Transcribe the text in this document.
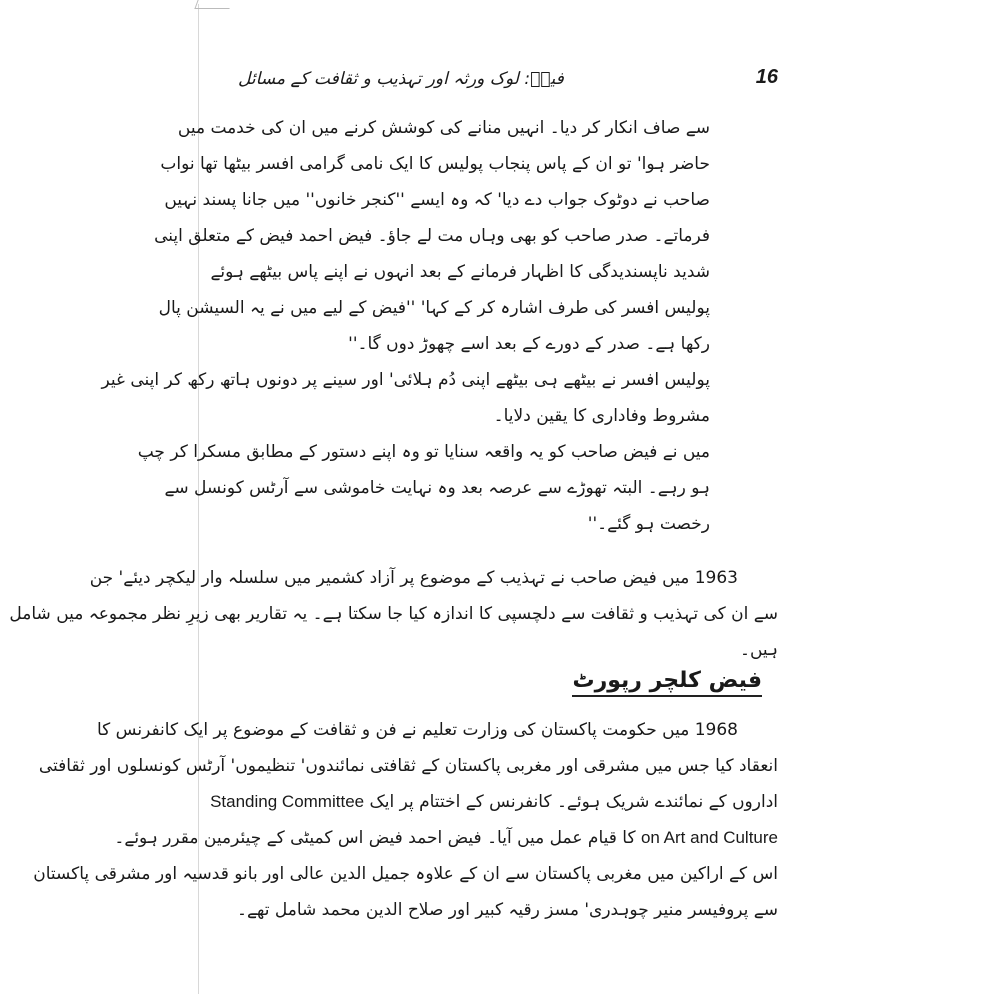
فیضؔ: لوک ورثہ اور تہذیب و ثقافت کے مسائل	16
سے صاف انکار کر دیا۔ انہیں منانے کی کوشش کرنے میں ان کی خدمت میں
حاضر ہوا' تو ان کے پاس پنجاب پولیس کا ایک نامی گرامی افسر بیٹھا تھا نواب
صاحب نے دوٹوک جواب دے دیا' کہ وہ ایسے ''کنجر خانوں'' میں جانا پسند نہیں
فرماتے۔ صدر صاحب کو بھی وہاں مت لے جاؤ۔ فیض احمد فیض کے متعلق اپنی
شدید ناپسندیدگی کا اظہار فرمانے کے بعد انہوں نے اپنے پاس بیٹھے ہوئے
پولیس افسر کی طرف اشارہ کر کے کہا' ''فیض کے لیے میں نے یہ السیشن پال
رکھا ہے۔ صدر کے دورے کے بعد اسے چھوڑ دوں گا۔''
پولیس افسر نے بیٹھے ہی بیٹھے اپنی دُم ہلائی' اور سینے پر دونوں ہاتھ رکھ کر اپنی غیر
مشروط وفاداری کا یقین دلایا۔
میں نے فیض صاحب کو یہ واقعہ سنایا تو وہ اپنے دستور کے مطابق مسکرا کر چپ
ہو رہے۔ البتہ تھوڑے سے عرصہ بعد وہ نہایت خاموشی سے آرٹس کونسل سے
رخصت ہو گئے۔''
1963 میں فیض صاحب نے تہذیب کے موضوع پر آزاد کشمیر میں سلسلہ وار لیکچر دیئے' جن
سے ان کی تہذیب و ثقافت سے دلچسپی کا اندازہ کیا جا سکتا ہے۔ یہ تقاریر بھی زیرِ نظر مجموعہ میں شامل
ہیں۔
فیض کلچر رپورٹ
1968 میں حکومت پاکستان کی وزارت تعلیم نے فن و ثقافت کے موضوع پر ایک کانفرنس کا
انعقاد کیا جس میں مشرقی اور مغربی پاکستان کے ثقافتی نمائندوں' تنظیموں' آرٹس کونسلوں اور ثقافتی
اداروں کے نمائندے شریک ہوئے۔ کانفرنس کے اختتام پر ایک Standing Committee
on Art and Culture کا قیام عمل میں آیا۔ فیض احمد فیض اس کمیٹی کے چیئرمین مقرر ہوئے۔
اس کے اراکین میں مغربی پاکستان سے ان کے علاوہ جمیل الدین عالی اور بانو قدسیہ اور مشرقی پاکستان
سے پروفیسر منیر چوہدری' مسز رقیہ کبیر اور صلاح الدین محمد شامل تھے۔
